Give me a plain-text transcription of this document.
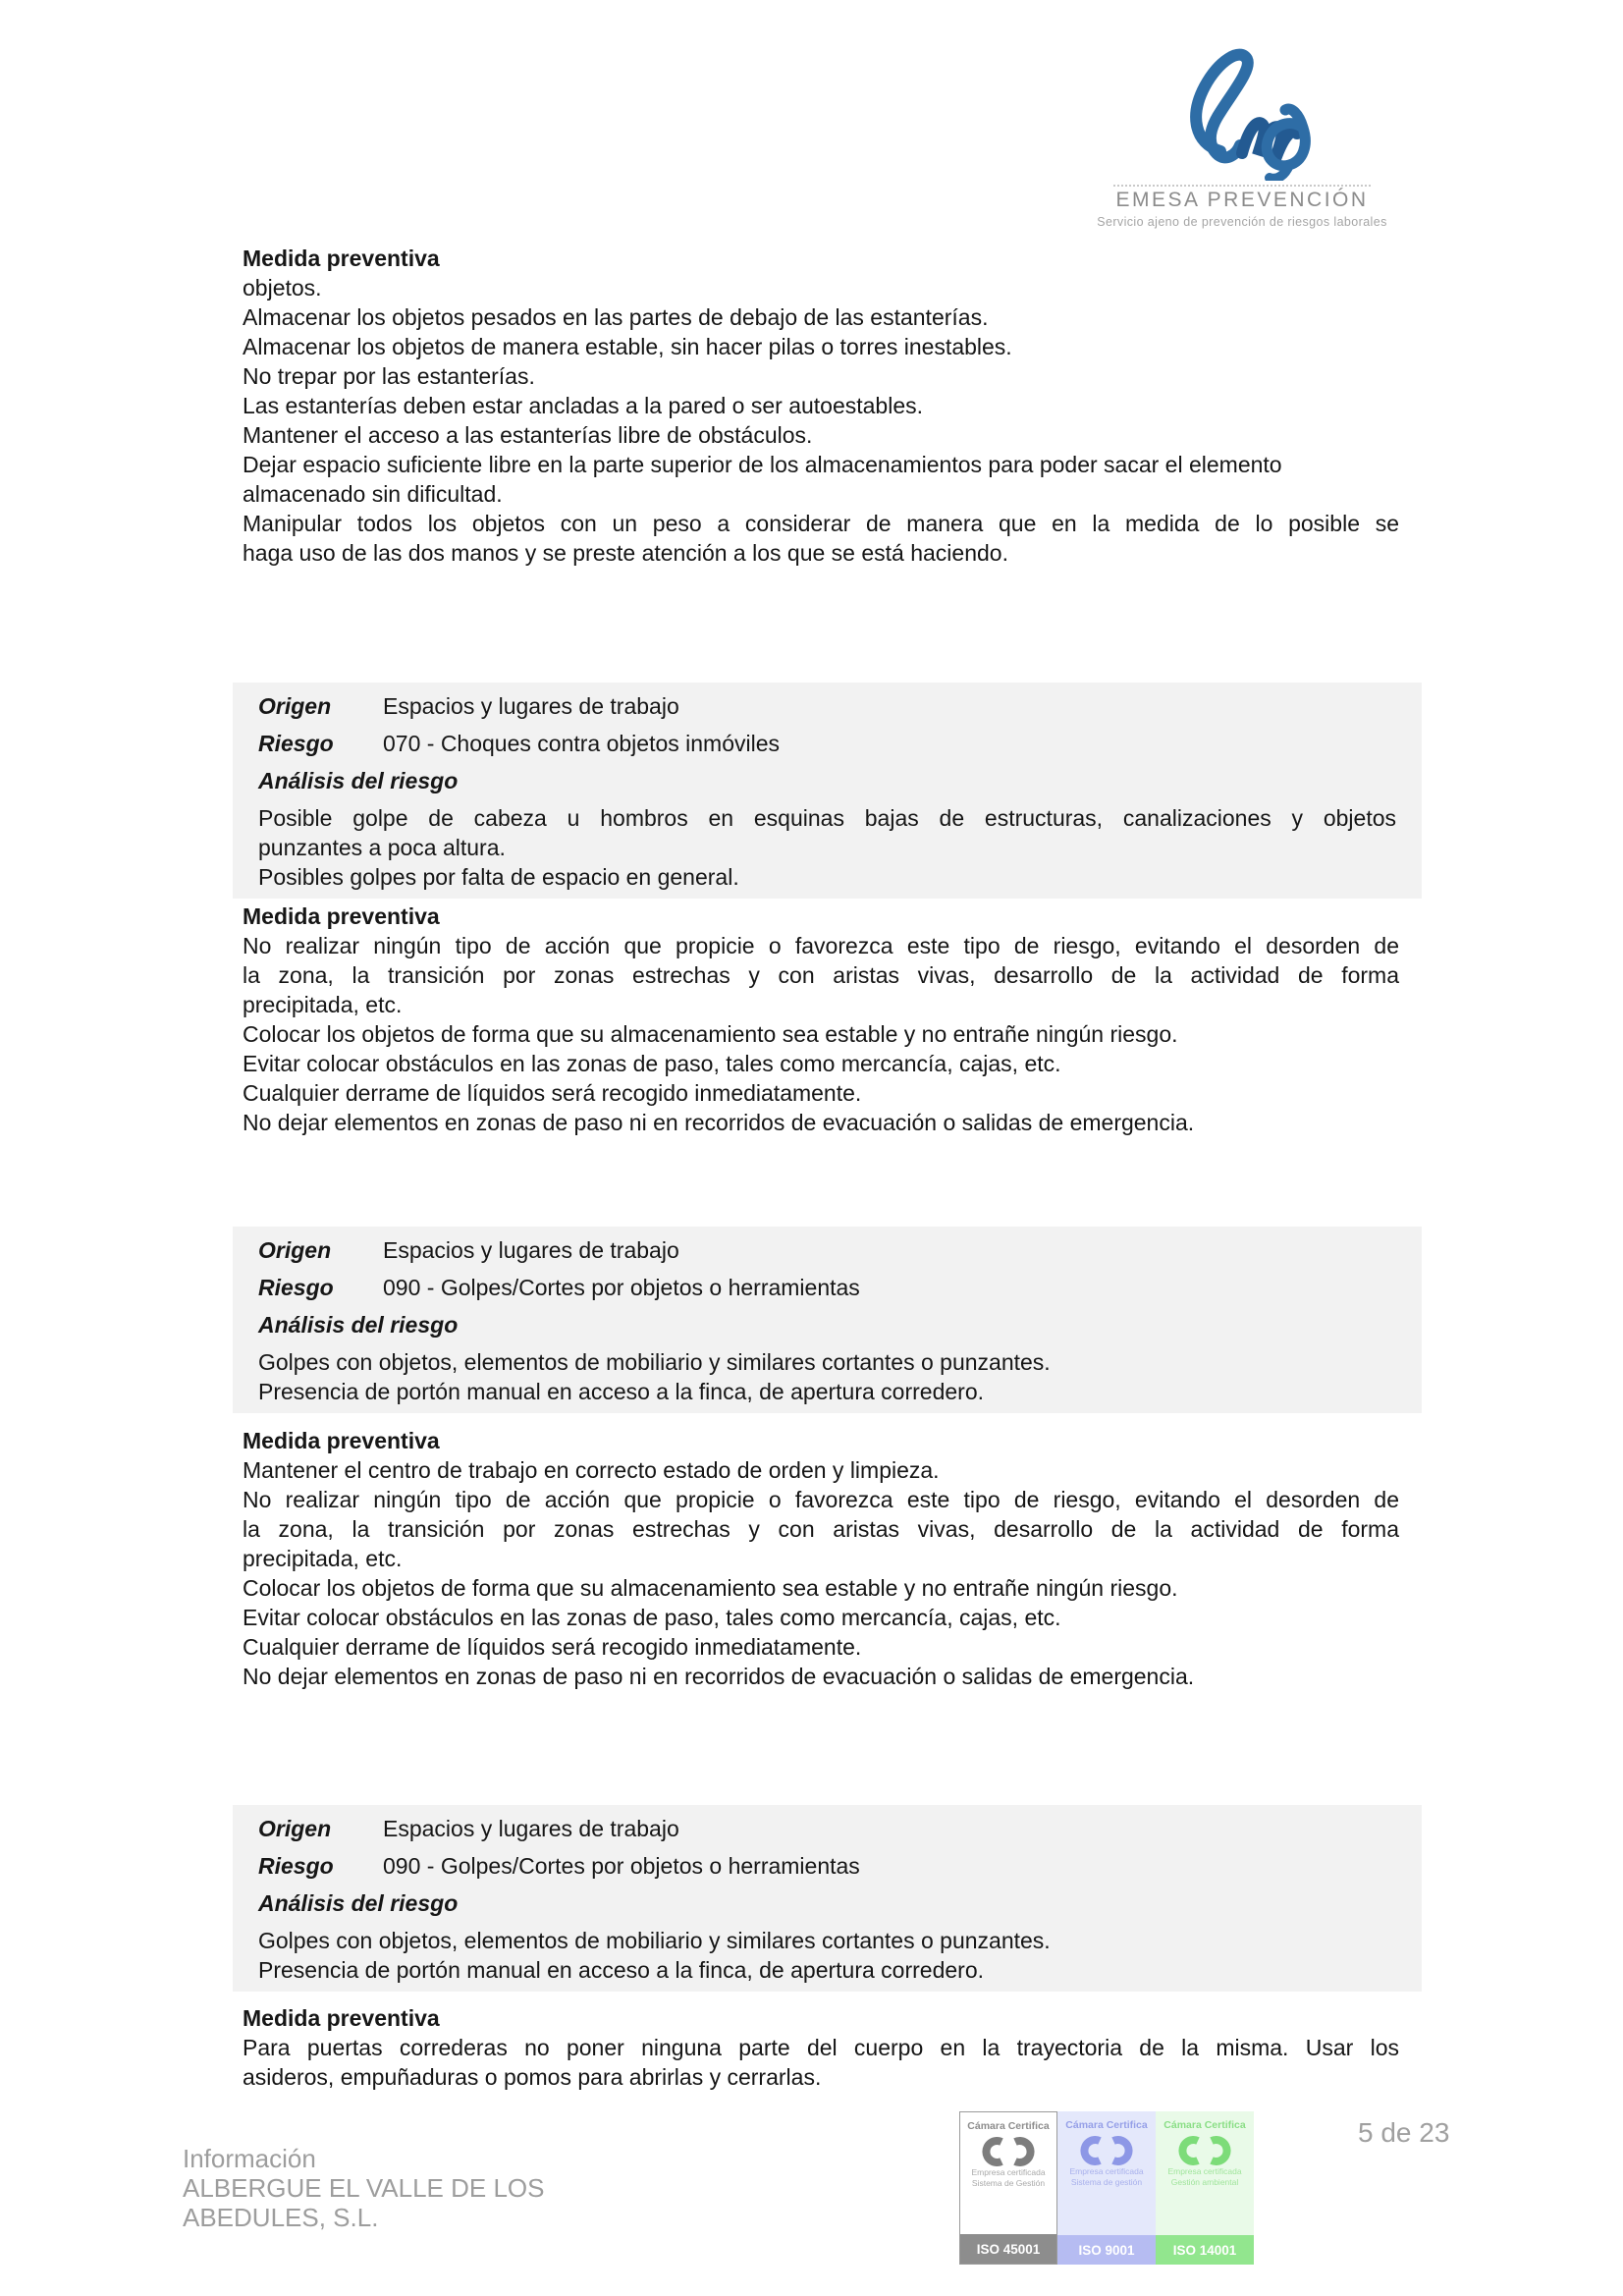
EMESA PREVENCIÓN
Servicio ajeno de prevención de riesgos laborales
Medida preventiva
objetos.
Almacenar los objetos pesados en las partes de debajo de las estanterías.
Almacenar los objetos de manera estable, sin hacer pilas o torres inestables.
No trepar por las estanterías.
Las estanterías deben estar ancladas a la pared o ser autoestables.
Mantener el acceso a las estanterías libre de obstáculos.
Dejar espacio suficiente libre en la parte superior de los almacenamientos para poder sacar el elemento
almacenado sin dificultad.
Manipular todos los objetos con un peso a considerar de manera que en la medida de lo posible se
haga uso de las dos manos y se preste atención a los que se está haciendo.
Origen	Espacios y lugares de trabajo
Riesgo	070 - Choques contra objetos inmóviles
Análisis del riesgo
Posible golpe de cabeza u hombros en esquinas bajas de estructuras, canalizaciones y objetos
punzantes a poca altura.
Posibles golpes por falta de espacio en general.
Medida preventiva
No realizar ningún tipo de acción que propicie o favorezca este tipo de riesgo, evitando el desorden de
la zona, la transición por zonas estrechas y con aristas vivas, desarrollo de la actividad de forma
precipitada, etc.
Colocar los objetos de forma que su almacenamiento sea estable y no entrañe ningún riesgo.
Evitar colocar obstáculos en las zonas de paso, tales como mercancía, cajas, etc.
Cualquier derrame de líquidos será recogido inmediatamente.
No dejar elementos en zonas de paso ni en recorridos de evacuación o salidas de emergencia.
Origen	Espacios y lugares de trabajo
Riesgo	090 - Golpes/Cortes por objetos o herramientas
Análisis del riesgo
Golpes con objetos, elementos de mobiliario y similares cortantes o punzantes.
Presencia de portón manual en acceso a la finca, de apertura corredero.
Medida preventiva
Mantener el centro de trabajo en correcto estado de orden y limpieza.
No realizar ningún tipo de acción que propicie o favorezca este tipo de riesgo, evitando el desorden de
la zona, la transición por zonas estrechas y con aristas vivas, desarrollo de la actividad de forma
precipitada, etc.
Colocar los objetos de forma que su almacenamiento sea estable y no entrañe ningún riesgo.
Evitar colocar obstáculos en las zonas de paso, tales como mercancía, cajas, etc.
Cualquier derrame de líquidos será recogido inmediatamente.
No dejar elementos en zonas de paso ni en recorridos de evacuación o salidas de emergencia.
Origen	Espacios y lugares de trabajo
Riesgo	090 - Golpes/Cortes por objetos o herramientas
Análisis del riesgo
Golpes con objetos, elementos de mobiliario y similares cortantes o punzantes.
Presencia de portón manual en acceso a la finca, de apertura corredero.
Medida preventiva
Para puertas correderas no poner ninguna parte del cuerpo en la trayectoria de la misma. Usar los
asideros, empuñaduras o pomos para abrirlas y cerrarlas.
Información
ALBERGUE EL VALLE DE LOS
ABEDULES, S.L.
Cámara Certifica
Empresa certificada
Sistema de Gestión
ISO 45001
Cámara Certifica
Empresa certificada
Sistema de gestión
ISO 9001
Cámara Certifica
Empresa certificada
Gestión ambiental
ISO 14001
5 de 23
